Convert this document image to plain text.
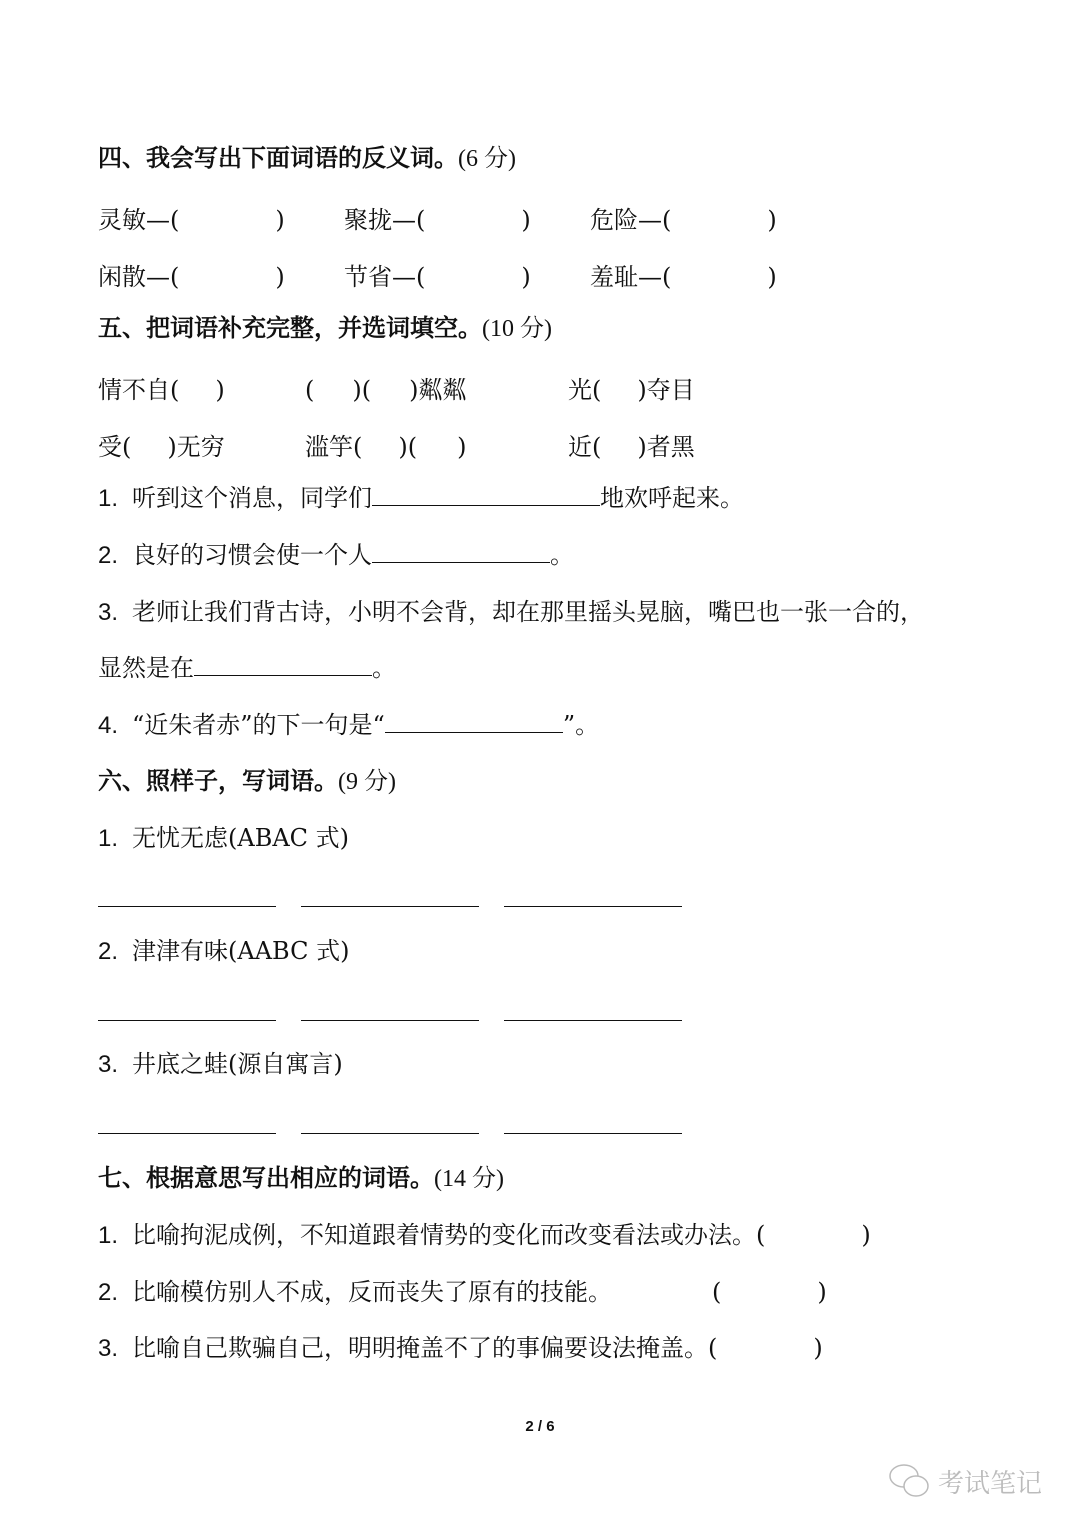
四、我会写出下面词语的反义词。(6 分)
灵敏—(	) 聚拢—(	) 危险—(	)
闲散—(	) 节省—(	) 羞耻—(	)
五、把词语补充完整，并选词填空。(10 分)
情不自( )	( )( )粼粼	光( )夺目
受( )无穷	滥竽( )( )	近( )者黑
1. 听到这个消息，同学们	地欢呼起来。
2. 良好的习惯会使一个人	。
3. 老师让我们背古诗，小明不会背，却在那里摇头晃脑，嘴巴也一张一合的，
显然是在	。
4. “近朱者赤”的下一句是“	”。
六、照样子，写词语。(9 分)
1. 无忧无虑(ABAC 式)
2. 津津有味(AABC 式)
3. 井底之蛙(源自寓言)
七、根据意思写出相应的词语。(14 分)
1. 比喻拘泥成例，不知道跟着情势的变化而改变看法或办法。(	)
2. 比喻模仿别人不成，反而丧失了原有的技能。	(	)
3. 比喻自己欺骗自己，明明掩盖不了的事偏要设法掩盖。(	)
2 / 6
考试笔记
